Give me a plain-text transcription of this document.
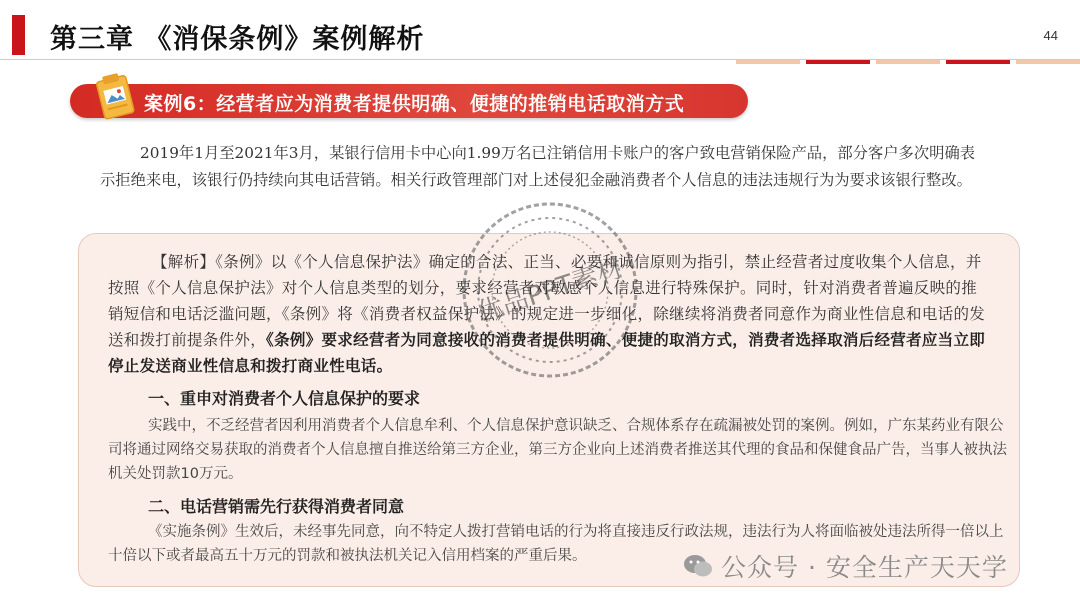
第三章 《消保条例》案例解析	44
案例6：经营者应为消费者提供明确、便捷的推销电话取消方式
2019年1月至2021年3月，某银行信用卡中心向1.99万名已注销信用卡账户的客户致电营销保险产品，部分客户多次明确表示拒绝来电，该银行仍持续向其电话营销。相关行政管理部门对上述侵犯金融消费者个人信息的违法违规行为为要求该银行整改。
【解析】《条例》以《个人信息保护法》确定的合法、正当、必要和诚信原则为指引，禁止经营者过度收集个人信息，并按照《个人信息保护法》对个人信息类型的划分，要求经营者对敏感个人信息进行特殊保护。同时，针对消费者普遍反映的推销短信和电话泛滥问题，《条例》将《消费者权益保护法》的规定进一步细化，除继续将消费者同意作为商业性信息和电话的发送和拨打前提条件外，《条例》要求经营者为同意接收的消费者提供明确、便捷的取消方式，消费者选择取消后经营者应当立即停止发送商业性信息和拨打商业性电话。
一、重申对消费者个人信息保护的要求
实践中，不乏经营者因利用消费者个人信息牟利、个人信息保护意识缺乏、合规体系存在疏漏被处罚的案例。例如，广东某药业有限公司将通过网络交易获取的消费者个人信息擅自推送给第三方企业，第三方企业向上述消费者推送其代理的食品和保健食品广告，当事人被执法机关处罚款10万元。
二、电话营销需先行获得消费者同意
《实施条例》生效后，未经事先同意，向不特定人拨打营销电话的行为将直接违反行政法规，违法行为人将面临被处违法所得一倍以上十倍以下或者最高五十万元的罚款和被执法机关记入信用档案的严重后果。
优品PPT素材
公众号 · 安全生产天天学
